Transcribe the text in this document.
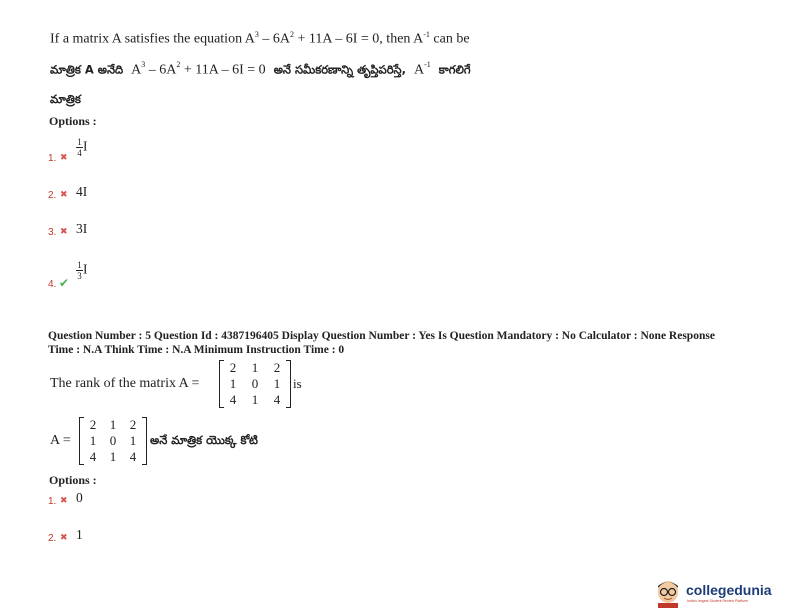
If a matrix A satisfies the equation $A^3 - 6A^2 + 11A - 6I = 0$, then $A^{-1}$ can be
మాత్రిక A అనేది $A^3 - 6A^2 + 11A - 6I = 0$ అనే సమీకరణాన్ని తృప్తిపరిస్తే, $A^{-1}$ కాగలిగే
మాత్రిక
Options :
1. ✖ $\frac{1}{4}$ I
2. ✖ 4I
3. ✖ 3I
4. ✔
$\frac{1}{3}$ I
Question Number : 5 Question Id : 4387196405 Display Question Number : Yes Is Question Mandatory : No Calculator : None Response
Time : N.A Think Time : N.A Minimum Instruction Time : 0
The rank of the matrix A =
2 1 2
1 0 1
4 1 4
is
A =
2 1 2
1 0 1
4 1 4
అనే మాత్రిక యొక్క కోటి
Options :
1. ✖ 0
2. ✖ 1
collegedunia
India's largest Student Review Platform
